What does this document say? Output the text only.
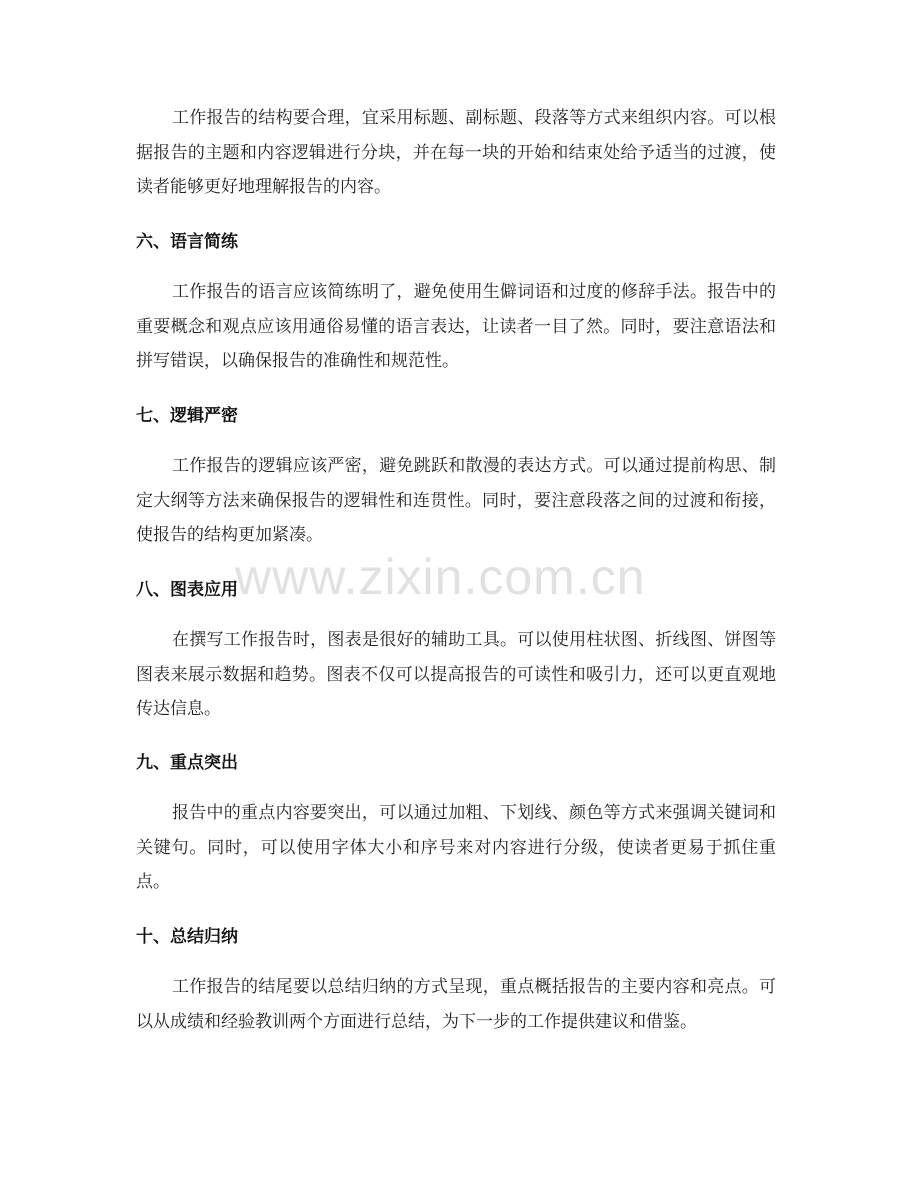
工作报告的结构要合理，宜采用标题、副标题、段落等方式来组织内容。可以根据报告的主题和内容逻辑进行分块，并在每一块的开始和结束处给予适当的过渡，使读者能够更好地理解报告的内容。

六、语言简练

工作报告的语言应该简练明了，避免使用生僻词语和过度的修辞手法。报告中的重要概念和观点应该用通俗易懂的语言表达，让读者一目了然。同时，要注意语法和拼写错误，以确保报告的准确性和规范性。

七、逻辑严密

工作报告的逻辑应该严密，避免跳跃和散漫的表达方式。可以通过提前构思、制定大纲等方法来确保报告的逻辑性和连贯性。同时，要注意段落之间的过渡和衔接，使报告的结构更加紧凑。

八、图表应用

在撰写工作报告时，图表是很好的辅助工具。可以使用柱状图、折线图、饼图等图表来展示数据和趋势。图表不仅可以提高报告的可读性和吸引力，还可以更直观地传达信息。

九、重点突出

报告中的重点内容要突出，可以通过加粗、下划线、颜色等方式来强调关键词和关键句。同时，可以使用字体大小和序号来对内容进行分级，使读者更易于抓住重点。

十、总结归纳

工作报告的结尾要以总结归纳的方式呈现，重点概括报告的主要内容和亮点。可以从成绩和经验教训两个方面进行总结，为下一步的工作提供建议和借鉴。

www.zixin.com.cn
